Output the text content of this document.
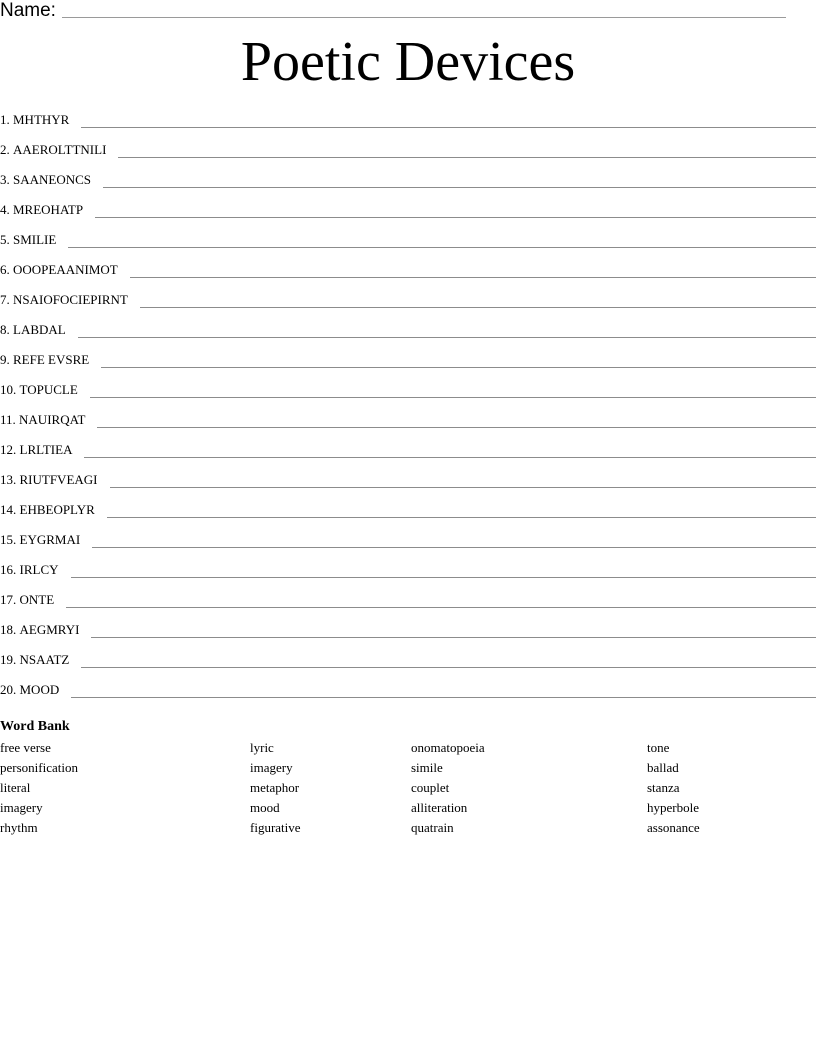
Name:
Poetic Devices
1.
MHTHYR
2.
AAEROLTTNILI
3.
SAANEONCS
4.
MREOHATP
5.
SMILIE
6.
OOOPEAANIMOT
7.
NSAIOFOCIEPIRNT
8.
LABDAL
9.
REFE EVSRE
10.
TOPUCLE
11.
NAUIRQAT
12.
LRLTIEA
13.
RIUTFVEAGI
14.
EHBEOPLYR
15.
EYGRMAI
16.
IRLCY
17.
ONTE
18.
AEGMRYI
19.
NSAATZ
20.
MOOD
Word Bank
free verse
personification
literal
imagery
rhythm
lyric
imagery
metaphor
mood
figurative
onomatopoeia
simile
couplet
alliteration
quatrain
tone
ballad
stanza
hyperbole
assonance
